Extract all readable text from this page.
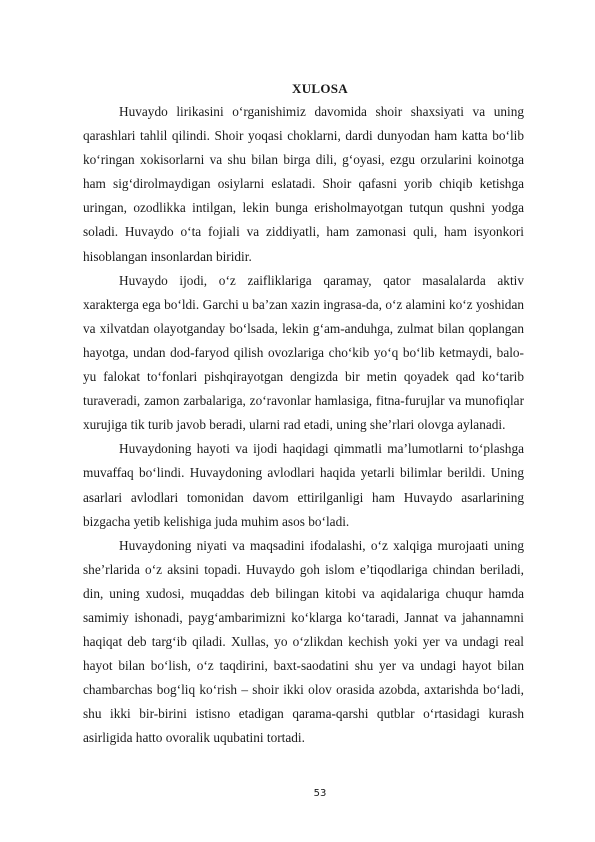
XULOSA

Huvaydo lirikasini o‘rganishimiz davomida shoir shaxsiyati va uning qarashlari tahlil qilindi. Shoir yoqasi choklarni, dardi dunyodan ham katta bo‘lib ko‘ringan xokisorlarni va shu bilan birga dili, g‘oyasi, ezgu orzularini koinotga ham sig‘dirolmaydigan osiylarni eslatadi. Shoir qafasni yorib chiqib ketishga uringan, ozodlikka intilgan, lekin bunga erisholmayotgan tutqun qushni yodga soladi. Huvaydo o‘ta fojiali va ziddiyatli, ham zamonasi quli, ham isyonkori hisoblangan insonlardan biridir.

Huvaydo ijodi, o‘z zaifliklariga qaramay, qator masalalarda aktiv xarakterga ega bo‘ldi. Garchi u ba’zan xazin ingrasa-da, o‘z alamini ko‘z yoshidan va xilvatdan olayotganday bo‘lsada, lekin g‘am-anduhga, zulmat bilan qoplangan hayotga, undan dod-faryod qilish ovozlariga cho‘kib yo‘q bo‘lib ketmaydi, balo-yu falokat to‘fonlari pishqirayotgan dengizda bir metin qoyadek qad ko‘tarib turaveradi, zamon zarbalariga, zo‘ravonlar hamlasiga, fitna-furujlar va munofiqlar xurujiga tik turib javob beradi, ularni rad etadi, uning she’rlari olovga aylanadi.

Huvaydoning hayoti va ijodi haqidagi qimmatli ma’lumotlarni to‘plashga muvaffaq bo‘lindi. Huvaydoning avlodlari haqida yetarli bilimlar berildi. Uning asarlari avlodlari tomonidan davom ettirilganligi ham Huvaydo asarlarining bizgacha yetib kelishiga juda muhim asos bo‘ladi.

Huvaydoning niyati va maqsadini ifodalashi, o‘z xalqiga murojaati uning she’rlarida o‘z aksini topadi. Huvaydo goh islom e’tiqodlariga chindan beriladi, din, uning xudosi, muqaddas deb bilingan kitobi va aqidalariga chuqur hamda samimiy ishonadi, payg‘ambarimizni ko‘klarga ko‘taradi, Jannat va jahannamni haqiqat deb targ‘ib qiladi. Xullas, yo o‘zlikdan kechish yoki yer va undagi real hayot bilan bo‘lish, o‘z taqdirini, baxt-saodatini shu yer va undagi hayot bilan chambarchas bog‘liq ko‘rish – shoir ikki olov orasida azobda, axtarishda bo‘ladi, shu ikki bir-birini istisno etadigan qarama-qarshi qutblar o‘rtasidagi kurash asirligida hatto ovoralik uqubatini tortadi.

53
